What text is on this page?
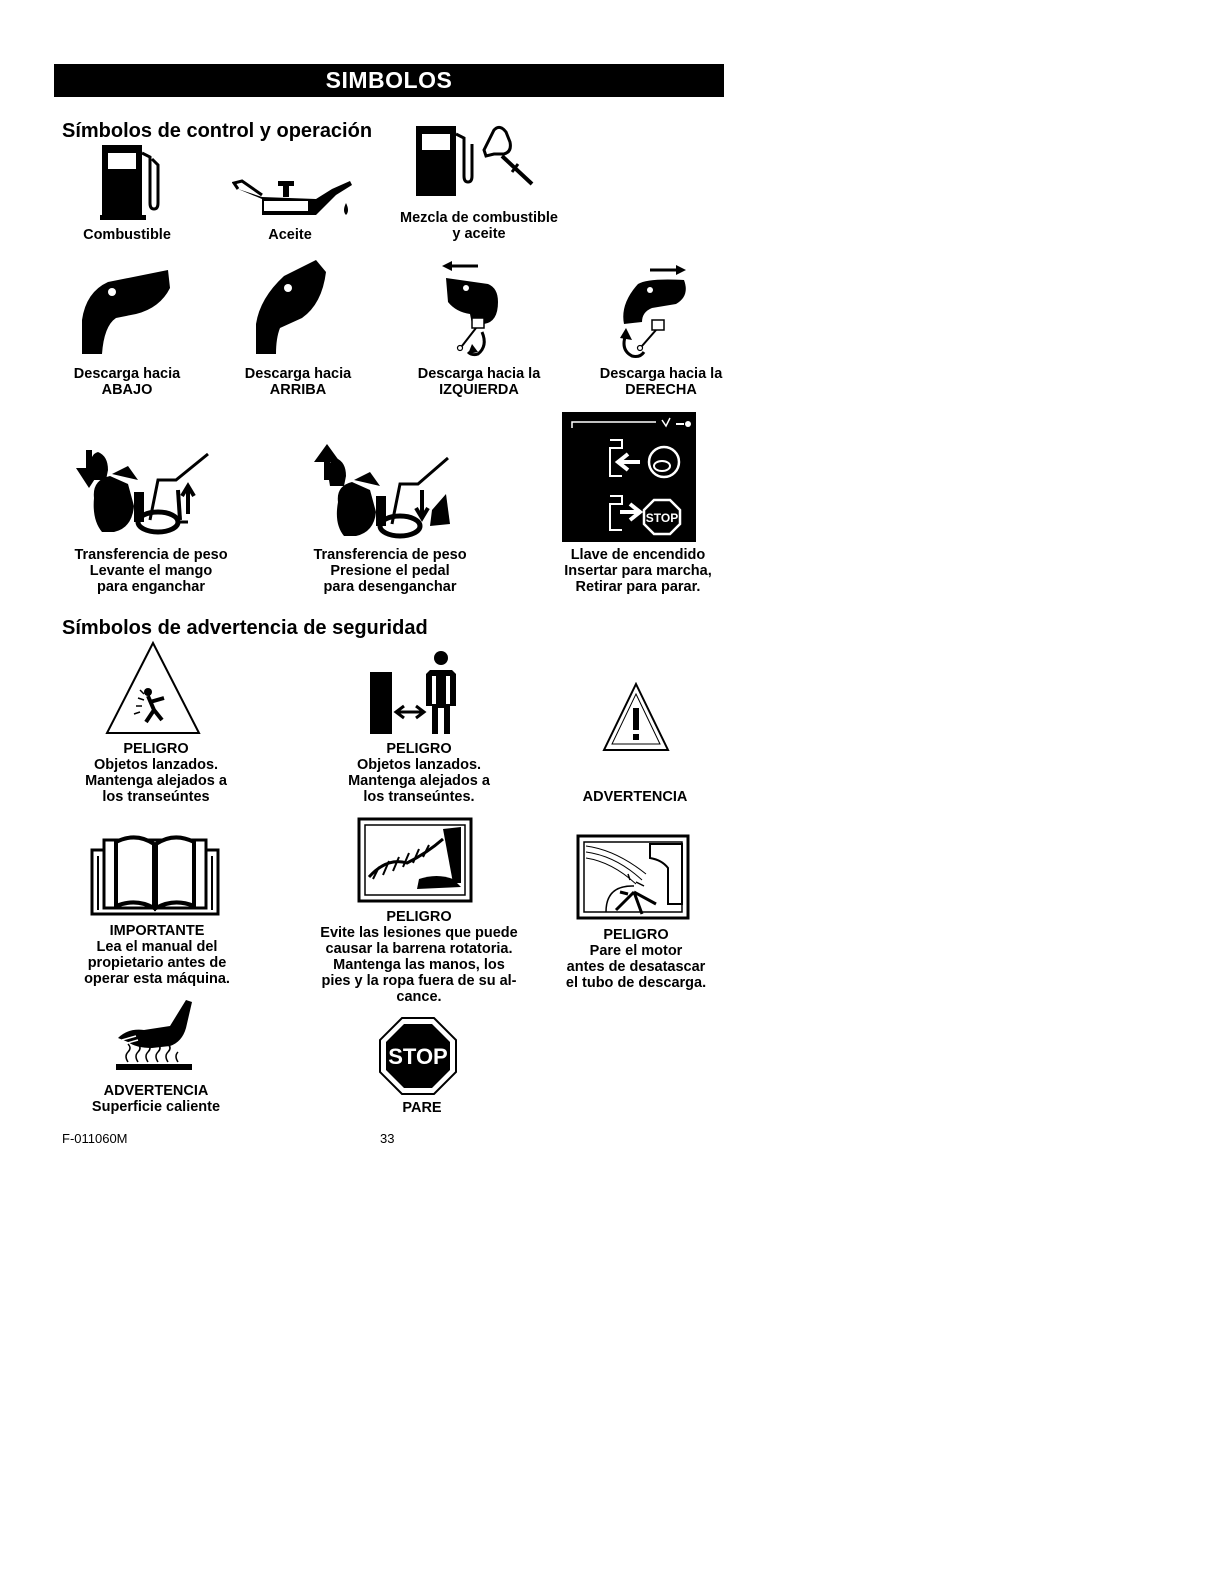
SIMBOLOS
Símbolos de control y operación
Símbolos de advertencia de seguridad
Combustible	Aceite
Mezcla de combustible
y aceite
Descarga hacia
ABAJO
Descarga hacia
ARRIBA
Descarga hacia la
IZQUIERDA
Descarga hacia la
DERECHA
Transferencia de peso
Levante el mango
para enganchar
Transferencia de peso
Presione el pedal
para desenganchar
STOP
Llave de encendido
Insertar para marcha,
Retirar para parar.
PELIGRO
Objetos lanzados.
Mantenga alejados a
los transeúntes
PELIGRO
Objetos lanzados.
Mantenga alejados a
los transeúntes.	ADVERTENCIA
IMPORTANTE
Lea el manual del
propietario antes de
operar esta máquina.
PELIGRO
Evite las lesiones que puede
causar la barrena rotatoria.
Mantenga las manos, los
pies y la ropa fuera de su al-
cance.
PELIGRO
Pare el motor
antes de desatascar
el tubo de descarga.
ADVERTENCIA
Superficie caliente
STOP
PARE
F-011060M	33
